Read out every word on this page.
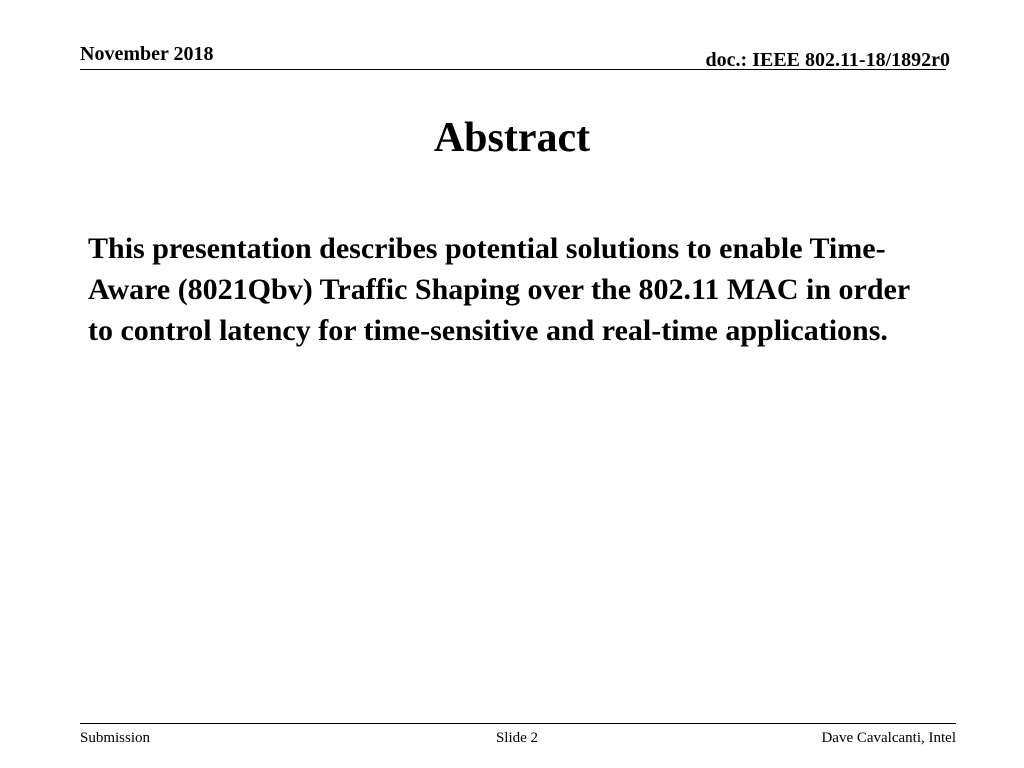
November 2018	doc.: IEEE 802.11-18/1892r0
Abstract

This presentation describes potential solutions to enable Time-Aware (8021Qbv) Traffic Shaping over the 802.11 MAC in order to control latency for time-sensitive and real-time applications.

Submission	Slide 2	Dave Cavalcanti, Intel
